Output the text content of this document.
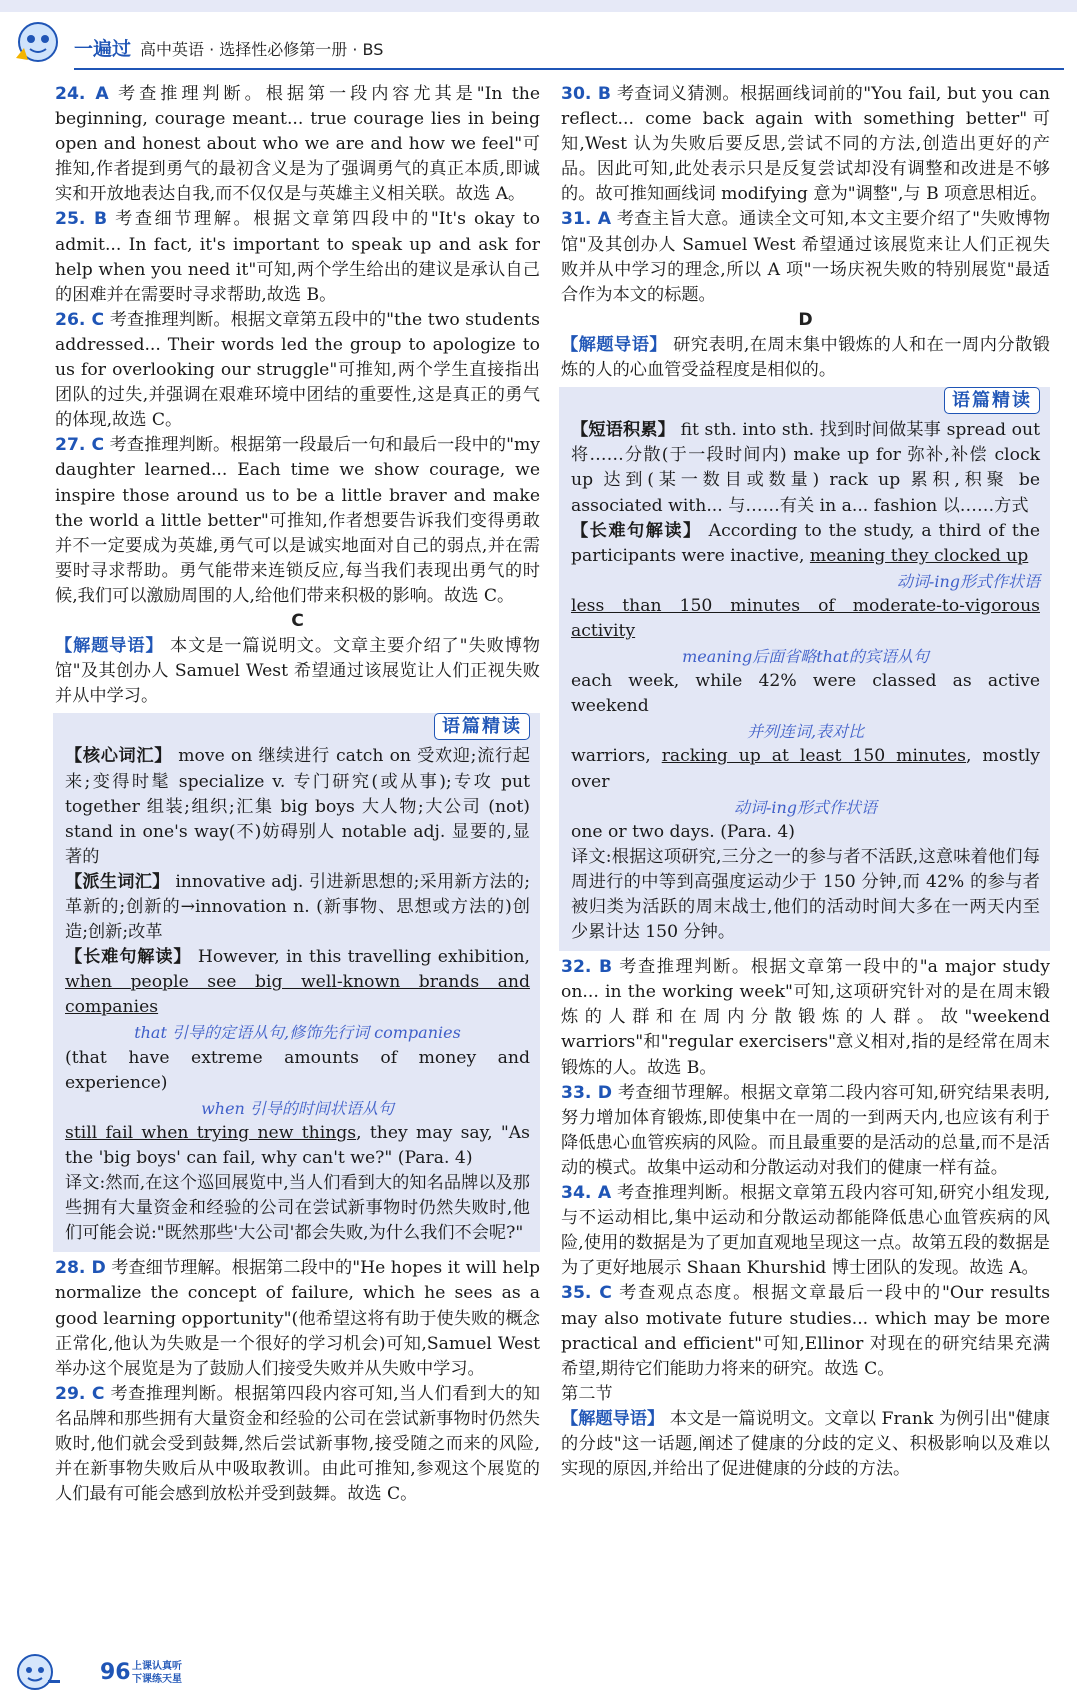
一遍过 高中英语 · 选择性必修第一册 · BS

24. A 考查推理判断。根据第一段内容尤其是"In the beginning, courage meant... true courage lies in being open and honest about who we are and how we feel"可推知,作者提到勇气的最初含义是为了强调勇气的真正本质,即诚实和开放地表达自我,而不仅仅是与英雄主义相关联。故选 A。

25. B 考查细节理解。根据文章第四段中的"It's okay to admit... In fact, it's important to speak up and ask for help when you need it"可知,两个学生给出的建议是承认自己的困难并在需要时寻求帮助,故选 B。

26. C 考查推理判断。根据文章第五段中的"the two students addressed... Their words led the group to apologize to us for overlooking our struggle"可推知,两个学生直接指出团队的过失,并强调在艰难环境中团结的重要性,这是真正的勇气的体现,故选 C。

27. C 考查推理判断。根据第一段最后一句和最后一段中的"my daughter learned... Each time we show courage, we inspire those around us to be a little braver and make the world a little better"可推知,作者想要告诉我们变得勇敢并不一定要成为英雄,勇气可以是诚实地面对自己的弱点,并在需要时寻求帮助。勇气能带来连锁反应,每当我们表现出勇气的时候,我们可以激励周围的人,给他们带来积极的影响。故选 C。

C

【解题导语】 本文是一篇说明文。文章主要介绍了"失败博物馆"及其创办人 Samuel West 希望通过该展览让人们正视失败并从中学习。

语篇精读

【核心词汇】 move on 继续进行 catch on 受欢迎;流行起来;变得时髦 specialize v. 专门研究(或从事);专攻 put together 组装;组织;汇集 big boys 大人物;大公司 (not) stand in one's way(不)妨碍别人 notable adj. 显要的,显著的

【派生词汇】 innovative adj. 引进新思想的;采用新方法的;革新的;创新的→innovation n. (新事物、思想或方法的)创造;创新;改革

【长难句解读】 However, in this travelling exhibition, when people see big well-known brands and companies

that 引导的定语从句,修饰先行词 companies

(that have extreme amounts of money and experience)

when 引导的时间状语从句

still fail when trying new things, they may say, "As the 'big boys' can fail, why can't we?" (Para. 4)

译文:然而,在这个巡回展览中,当人们看到大的知名品牌以及那些拥有大量资金和经验的公司在尝试新事物时仍然失败时,他们可能会说:"既然那些'大公司'都会失败,为什么我们不会呢?"

28. D 考查细节理解。根据第二段中的"He hopes it will help normalize the concept of failure, which he sees as a good learning opportunity"(他希望这将有助于使失败的概念正常化,他认为失败是一个很好的学习机会)可知,Samuel West 举办这个展览是为了鼓励人们接受失败并从失败中学习。

29. C 考查推理判断。根据第四段内容可知,当人们看到大的知名品牌和那些拥有大量资金和经验的公司在尝试新事物时仍然失败时,他们就会受到鼓舞,然后尝试新事物,接受随之而来的风险,并在新事物失败后从中吸取教训。由此可推知,参观这个展览的人们最有可能会感到放松并受到鼓舞。故选 C。

30. B 考查词义猜测。根据画线词前的"You fail, but you can reflect... come back again with something better"可知,West 认为失败后要反思,尝试不同的方法,创造出更好的产品。因此可知,此处表示只是反复尝试却没有调整和改进是不够的。故可推知画线词 modifying 意为"调整",与 B 项意思相近。

31. A 考查主旨大意。通读全文可知,本文主要介绍了"失败博物馆"及其创办人 Samuel West 希望通过该展览来让人们正视失败并从中学习的理念,所以 A 项"一场庆祝失败的特别展览"最适合作为本文的标题。

D

【解题导语】 研究表明,在周末集中锻炼的人和在一周内分散锻炼的人的心血管受益程度是相似的。

语篇精读

【短语积累】 fit sth. into sth. 找到时间做某事 spread out 将……分散(于一段时间内) make up for 弥补,补偿 clock up 达到(某一数目或数量) rack up 累积,积聚 be associated with... 与……有关 in a... fashion 以……方式

【长难句解读】 According to the study, a third of the participants were inactive, meaning they clocked up

动词-ing形式作状语

less than 150 minutes of moderate-to-vigorous activity

meaning后面省略that的宾语从句

each week, while 42% were classed as active weekend

并列连词,表对比

warriors, racking up at least 150 minutes, mostly over

动词-ing形式作状语

one or two days. (Para. 4)

译文:根据这项研究,三分之一的参与者不活跃,这意味着他们每周进行的中等到高强度运动少于 150 分钟,而 42% 的参与者被归类为活跃的周末战士,他们的活动时间大多在一两天内至少累计达 150 分钟。

32. B 考查推理判断。根据文章第一段中的"a major study on... in the working week"可知,这项研究针对的是在周末锻炼的人群和在周内分散锻炼的人群。故"weekend warriors"和"regular exercisers"意义相对,指的是经常在周末锻炼的人。故选 B。

33. D 考查细节理解。根据文章第二段内容可知,研究结果表明,努力增加体育锻炼,即使集中在一周的一到两天内,也应该有利于降低患心血管疾病的风险。而且最重要的是活动的总量,而不是活动的模式。故集中运动和分散运动对我们的健康一样有益。

34. A 考查推理判断。根据文章第五段内容可知,研究小组发现,与不运动相比,集中运动和分散运动都能降低患心血管疾病的风险,使用的数据是为了更加直观地呈现这一点。故第五段的数据是为了更好地展示 Shaan Khurshid 博士团队的发现。故选 A。

35. C 考查观点态度。根据文章最后一段中的"Our results may also motivate future studies... which may be more practical and efficient"可知,Ellinor 对现在的研究结果充满希望,期待它们能助力将来的研究。故选 C。

第二节

【解题导语】 本文是一篇说明文。文章以 Frank 为例引出"健康的分歧"这一话题,阐述了健康的分歧的定义、积极影响以及难以实现的原因,并给出了促进健康的分歧的方法。

96 上课认真听
下课练天星
